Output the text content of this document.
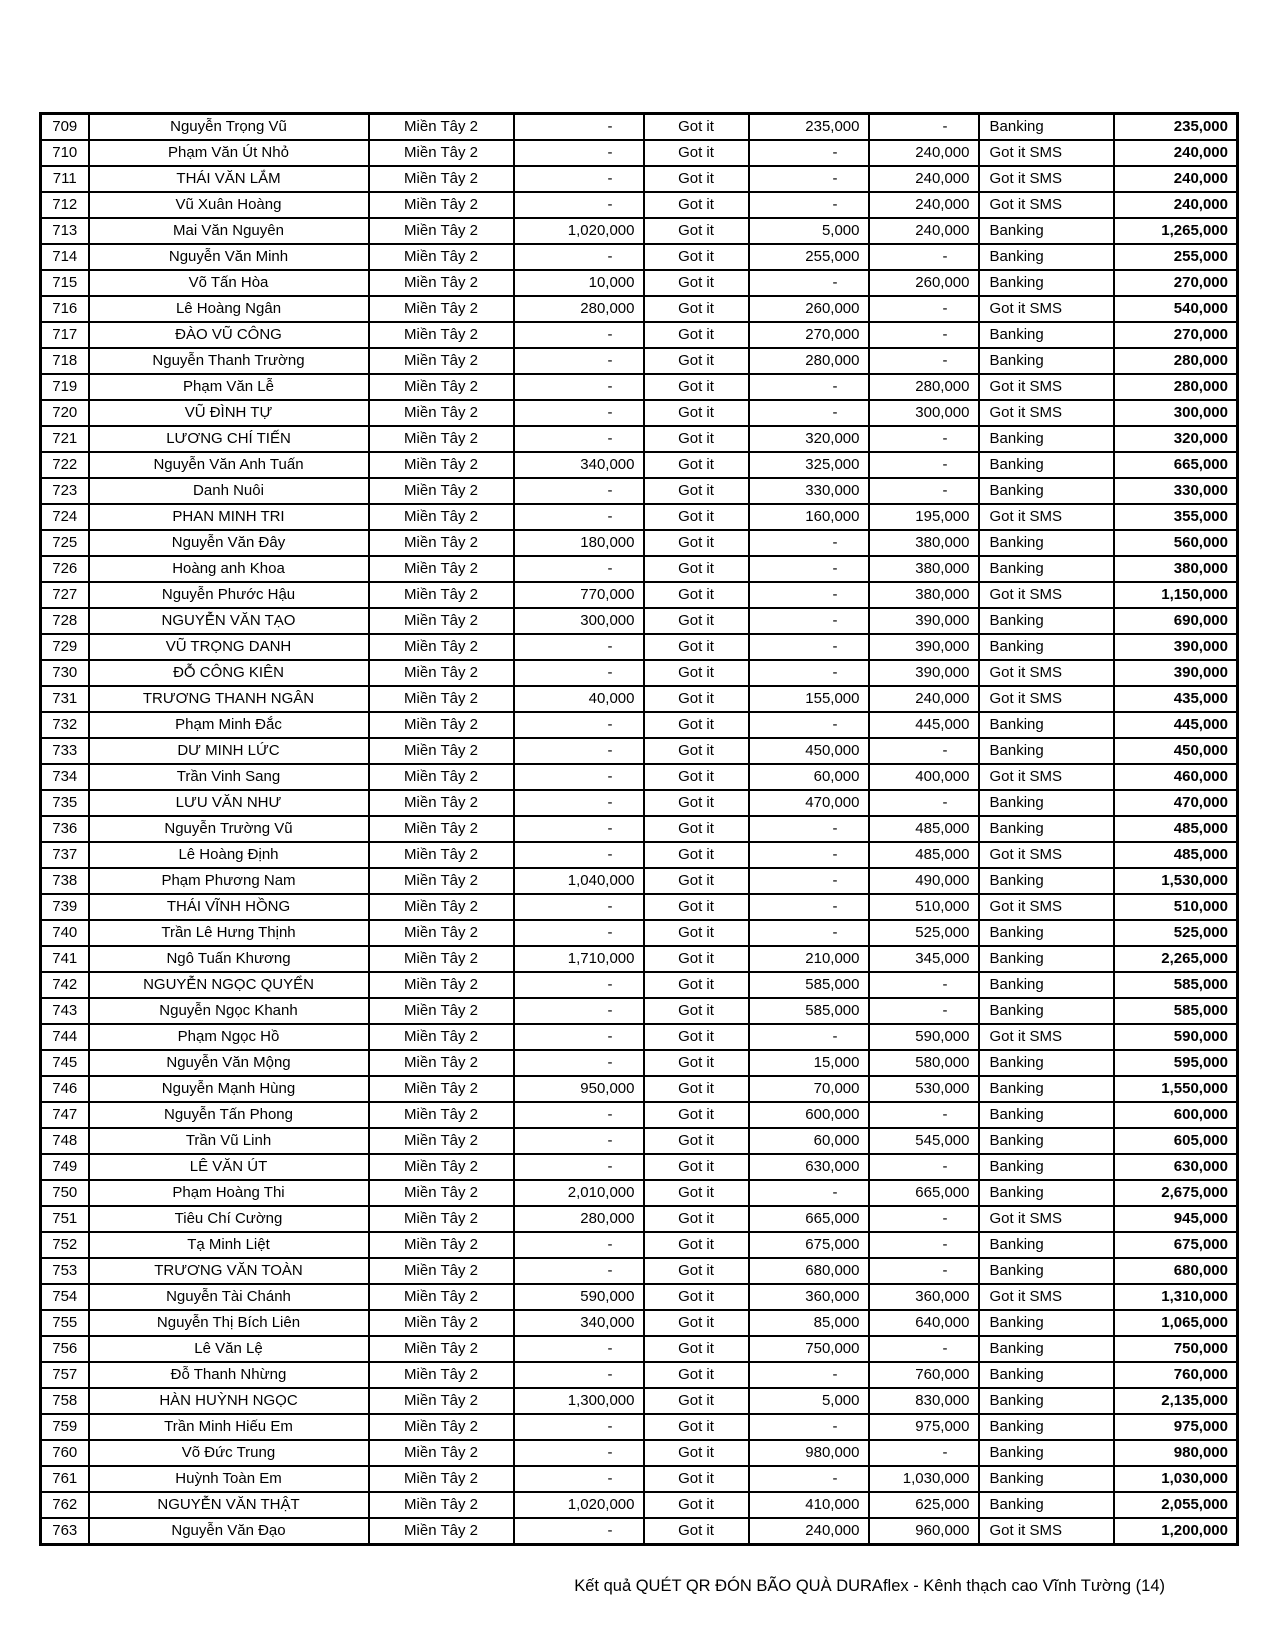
709	Nguyễn Trọng Vũ	Miền Tây 2	-	Got it	235,000	-	Banking	235,000
710	Phạm Văn Út Nhỏ	Miền Tây 2	-	Got it	-	240,000	Got it SMS	240,000
711	THÁI VĂN LẮM	Miền Tây 2	-	Got it	-	240,000	Got it SMS	240,000
712	Vũ Xuân Hoàng	Miền Tây 2	-	Got it	-	240,000	Got it SMS	240,000
713	Mai Văn Nguyên	Miền Tây 2	1,020,000	Got it	5,000	240,000	Banking	1,265,000
714	Nguyễn Văn Minh	Miền Tây 2	-	Got it	255,000	-	Banking	255,000
715	Võ Tấn Hòa	Miền Tây 2	10,000	Got it	-	260,000	Banking	270,000
716	Lê Hoàng Ngân	Miền Tây 2	280,000	Got it	260,000	-	Got it SMS	540,000
717	ĐÀO VŨ CÔNG	Miền Tây 2	-	Got it	270,000	-	Banking	270,000
718	Nguyễn Thanh Trường	Miền Tây 2	-	Got it	280,000	-	Banking	280,000
719	Phạm Văn Lễ	Miền Tây 2	-	Got it	-	280,000	Got it SMS	280,000
720	VŨ ĐÌNH TỰ	Miền Tây 2	-	Got it	-	300,000	Got it SMS	300,000
721	LƯƠNG CHÍ TIẾN	Miền Tây 2	-	Got it	320,000	-	Banking	320,000
722	Nguyễn Văn Anh Tuấn	Miền Tây 2	340,000	Got it	325,000	-	Banking	665,000
723	Danh Nuôi	Miền Tây 2	-	Got it	330,000	-	Banking	330,000
724	PHAN MINH TRI	Miền Tây 2	-	Got it	160,000	195,000	Got it SMS	355,000
725	Nguyễn Văn Đây	Miền Tây 2	180,000	Got it	-	380,000	Banking	560,000
726	Hoàng anh Khoa	Miền Tây 2	-	Got it	-	380,000	Banking	380,000
727	Nguyễn Phước Hậu	Miền Tây 2	770,000	Got it	-	380,000	Got it SMS	1,150,000
728	NGUYỄN VĂN TẠO	Miền Tây 2	300,000	Got it	-	390,000	Banking	690,000
729	VŨ TRỌNG DANH	Miền Tây 2	-	Got it	-	390,000	Banking	390,000
730	ĐỖ CÔNG KIÊN	Miền Tây 2	-	Got it	-	390,000	Got it SMS	390,000
731	TRƯƠNG THANH NGÂN	Miền Tây 2	40,000	Got it	155,000	240,000	Got it SMS	435,000
732	Phạm Minh Đắc	Miền Tây 2	-	Got it	-	445,000	Banking	445,000
733	DƯ MINH LỨC	Miền Tây 2	-	Got it	450,000	-	Banking	450,000
734	Trần Vinh Sang	Miền Tây 2	-	Got it	60,000	400,000	Got it SMS	460,000
735	LƯU VĂN NHƯ	Miền Tây 2	-	Got it	470,000	-	Banking	470,000
736	Nguyễn Trường Vũ	Miền Tây 2	-	Got it	-	485,000	Banking	485,000
737	Lê Hoàng Định	Miền Tây 2	-	Got it	-	485,000	Got it SMS	485,000
738	Phạm Phương Nam	Miền Tây 2	1,040,000	Got it	-	490,000	Banking	1,530,000
739	THÁI VĨNH HỒNG	Miền Tây 2	-	Got it	-	510,000	Got it SMS	510,000
740	Trần Lê Hưng Thịnh	Miền Tây 2	-	Got it	-	525,000	Banking	525,000
741	Ngô Tuấn Khương	Miền Tây 2	1,710,000	Got it	210,000	345,000	Banking	2,265,000
742	NGUYỄN NGỌC QUYỂN	Miền Tây 2	-	Got it	585,000	-	Banking	585,000
743	Nguyễn Ngọc Khanh	Miền Tây 2	-	Got it	585,000	-	Banking	585,000
744	Phạm Ngọc Hồ	Miền Tây 2	-	Got it	-	590,000	Got it SMS	590,000
745	Nguyễn Văn Mộng	Miền Tây 2	-	Got it	15,000	580,000	Banking	595,000
746	Nguyễn Mạnh Hùng	Miền Tây 2	950,000	Got it	70,000	530,000	Banking	1,550,000
747	Nguyễn Tấn Phong	Miền Tây 2	-	Got it	600,000	-	Banking	600,000
748	Trần Vũ Linh	Miền Tây 2	-	Got it	60,000	545,000	Banking	605,000
749	LÊ VĂN ÚT	Miền Tây 2	-	Got it	630,000	-	Banking	630,000
750	Phạm Hoàng Thi	Miền Tây 2	2,010,000	Got it	-	665,000	Banking	2,675,000
751	Tiêu Chí Cường	Miền Tây 2	280,000	Got it	665,000	-	Got it SMS	945,000
752	Tạ Minh Liệt	Miền Tây 2	-	Got it	675,000	-	Banking	675,000
753	TRƯƠNG VĂN TOÀN	Miền Tây 2	-	Got it	680,000	-	Banking	680,000
754	Nguyễn Tài Chánh	Miền Tây 2	590,000	Got it	360,000	360,000	Got it SMS	1,310,000
755	Nguyễn Thị Bích Liên	Miền Tây 2	340,000	Got it	85,000	640,000	Banking	1,065,000
756	Lê Văn Lệ	Miền Tây 2	-	Got it	750,000	-	Banking	750,000
757	Đỗ Thanh Nhừng	Miền Tây 2	-	Got it	-	760,000	Banking	760,000
758	HÀN HUỲNH NGỌC	Miền Tây 2	1,300,000	Got it	5,000	830,000	Banking	2,135,000
759	Trần Minh Hiếu Em	Miền Tây 2	-	Got it	-	975,000	Banking	975,000
760	Võ Đức Trung	Miền Tây 2	-	Got it	980,000	-	Banking	980,000
761	Huỳnh Toàn Em	Miền Tây 2	-	Got it	-	1,030,000	Banking	1,030,000
762	NGUYỄN VĂN THẬT	Miền Tây 2	1,020,000	Got it	410,000	625,000	Banking	2,055,000
763	Nguyễn Văn Đạo	Miền Tây 2	-	Got it	240,000	960,000	Got it SMS	1,200,000
Kết quả QUÉT QR ĐÓN BÃO QUÀ DURAflex - Kênh thạch cao Vĩnh Tường (14)
